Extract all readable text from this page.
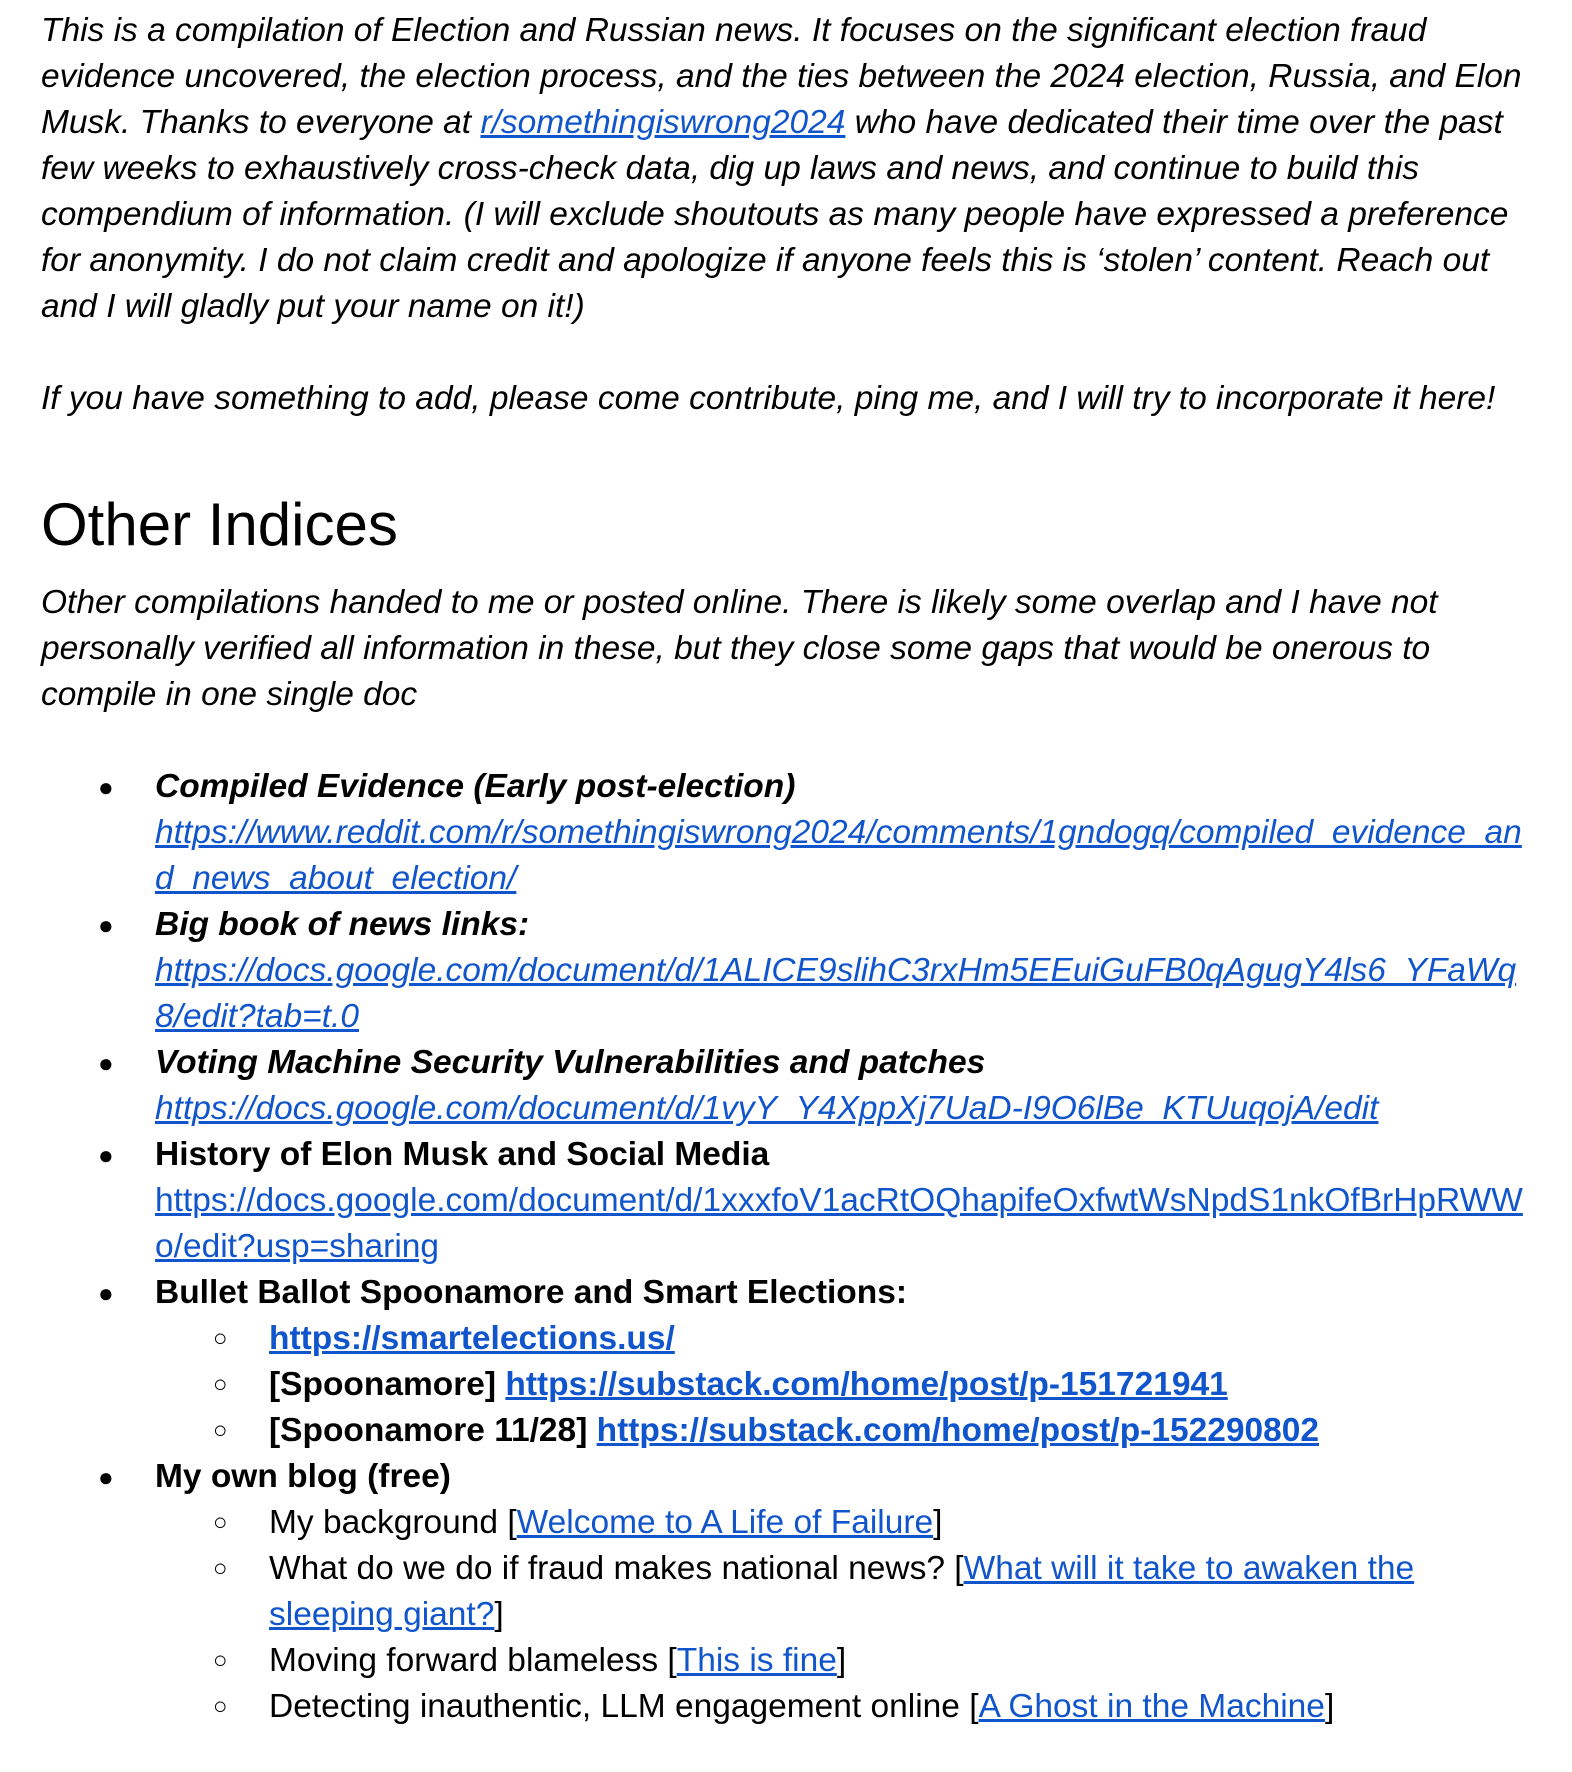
This is a compilation of Election and Russian news. It focuses on the significant election fraud evidence uncovered, the election process, and the ties between the 2024 election, Russia, and Elon Musk. Thanks to everyone at r/somethingiswrong2024 who have dedicated their time over the past few weeks to exhaustively cross-check data, dig up laws and news, and continue to build this compendium of information. (I will exclude shoutouts as many people have expressed a preference for anonymity. I do not claim credit and apologize if anyone feels this is ‘stolen’ content. Reach out and I will gladly put your name on it!)

If you have something to add, please come contribute, ping me, and I will try to incorporate it here!

Other Indices

Other compilations handed to me or posted online. There is likely some overlap and I have not personally verified all information in these, but they close some gaps that would be onerous to compile in one single doc

● Compiled Evidence (Early post-election)
https://www.reddit.com/r/somethingiswrong2024/comments/1gndogq/compiled_evidence_and_news_about_election/
● Big book of news links:
https://docs.google.com/document/d/1ALICE9slihC3rxHm5EEuiGuFB0qAgugY4ls6_YFaWq8/edit?tab=t.0
● Voting Machine Security Vulnerabilities and patches
https://docs.google.com/document/d/1vyY_Y4XppXj7UaD-I9O6lBe_KTUuqojA/edit
● History of Elon Musk and Social Media
https://docs.google.com/document/d/1xxxfoV1acRtOQhapifeOxfwtWsNpdS1nkOfBrHpRWWo/edit?usp=sharing
● Bullet Ballot Spoonamore and Smart Elections:
○ https://smartelections.us/
○ [Spoonamore] https://substack.com/home/post/p-151721941
○ [Spoonamore 11/28] https://substack.com/home/post/p-152290802
● My own blog (free)
○ My background [Welcome to A Life of Failure]
○ What do we do if fraud makes national news? [What will it take to awaken the sleeping giant?]
○ Moving forward blameless [This is fine]
○ Detecting inauthentic, LLM engagement online [A Ghost in the Machine]
